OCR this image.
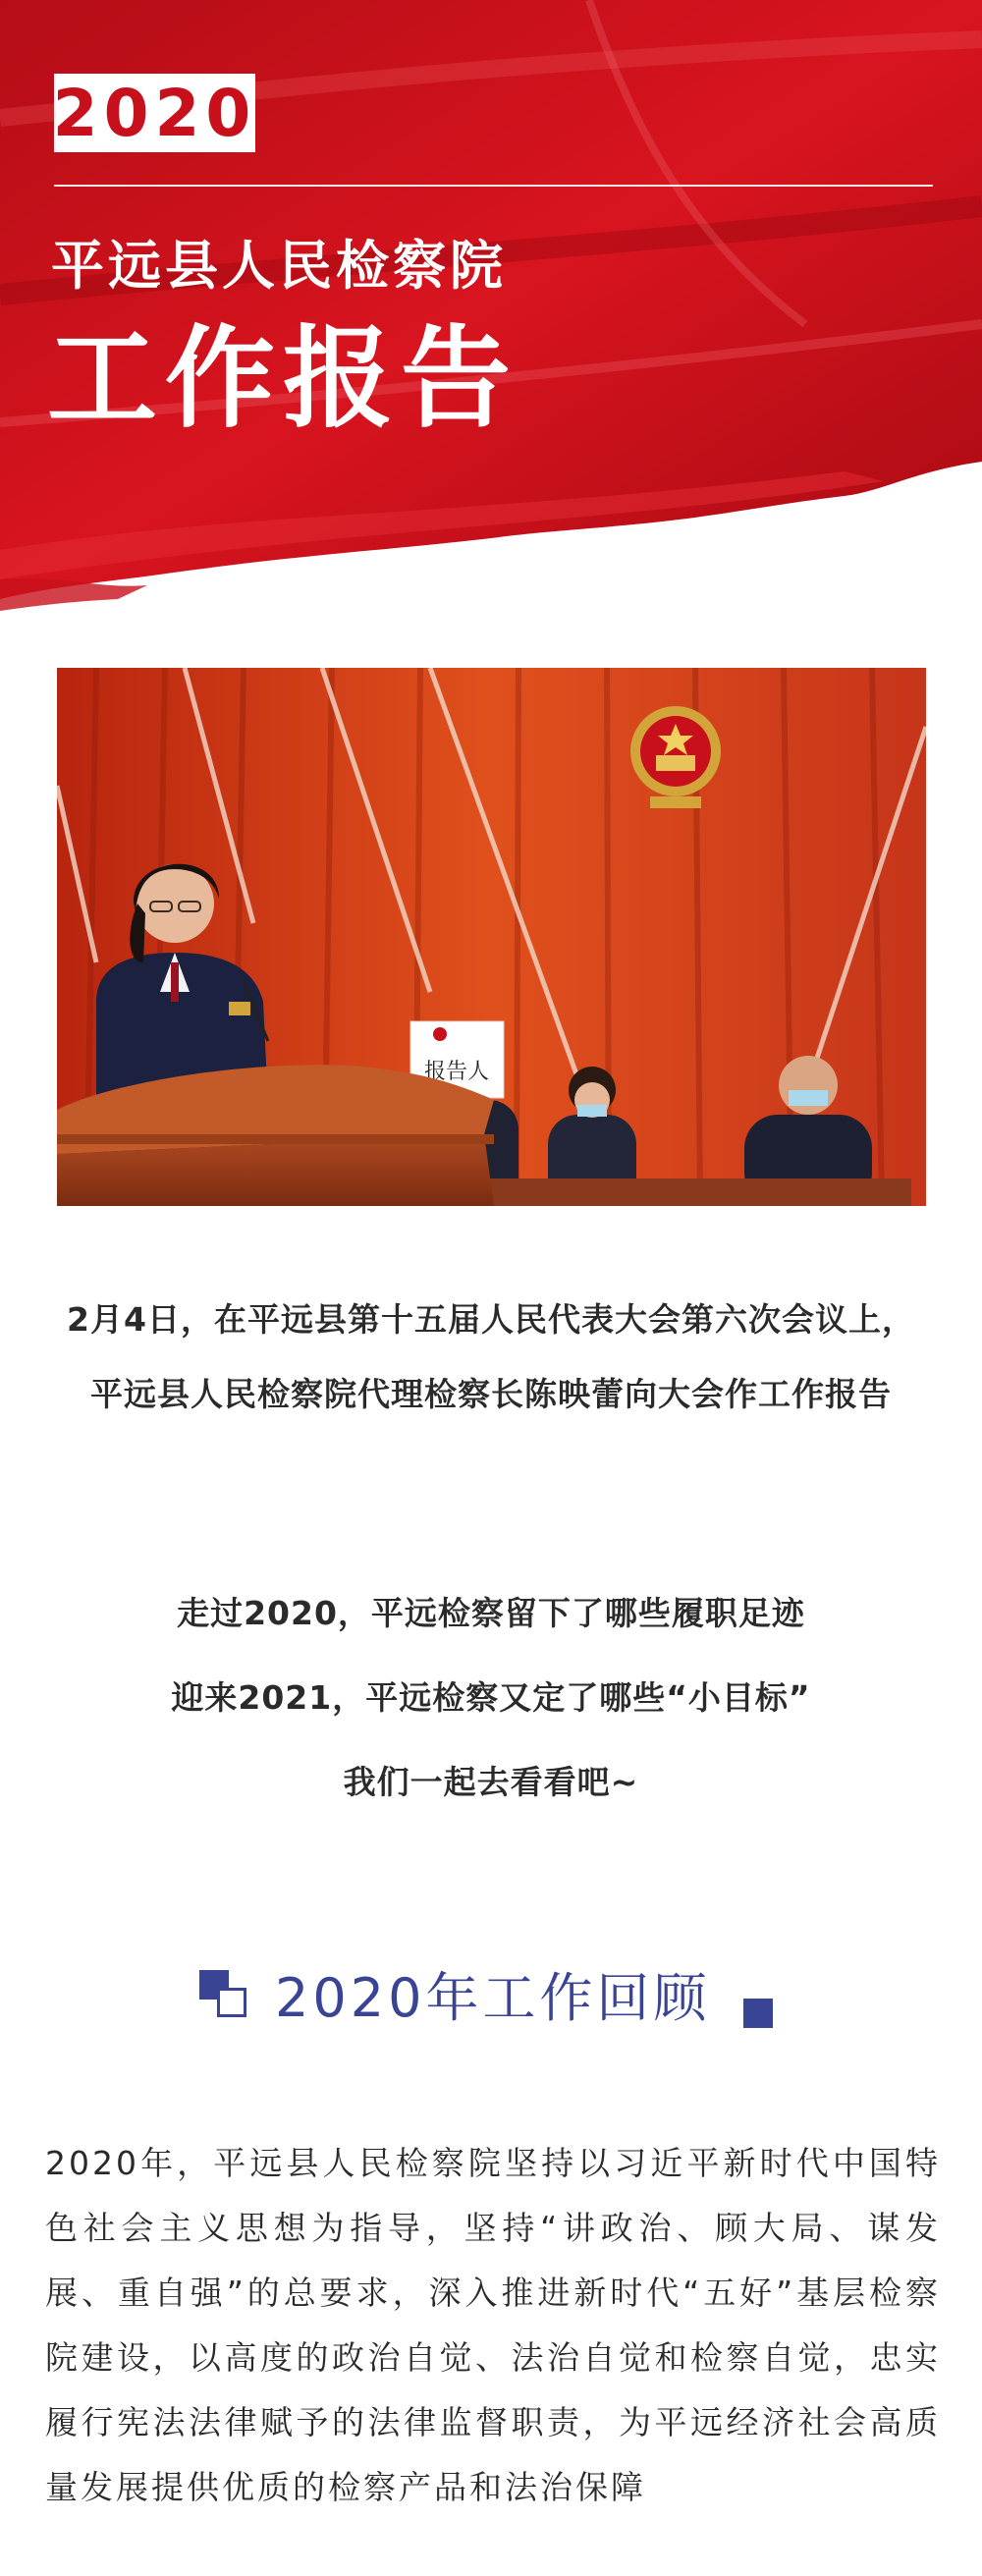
2020
平远县人民检察院
工作报告
报告人

2月4日，在平远县第十五届人民代表大会第六次会议上，

平远县人民检察院代理检察长陈映蕾向大会作工作报告

走过2020，平远检察留下了哪些履职足迹

迎来2021，平远检察又定了哪些“小目标”

我们一起去看看吧~

2020年工作回顾
2020年，平远县人民检察院坚持以习近平新时代中国特色社会主义思想为指导，坚持“讲政治、顾大局、谋发展、重自强”的总要求，深入推进新时代“五好”基层检察院建设，以高度的政治自觉、法治自觉和检察自觉，忠实履行宪法法律赋予的法律监督职责，为平远经济社会高质量发展提供优质的检察产品和法治保障
